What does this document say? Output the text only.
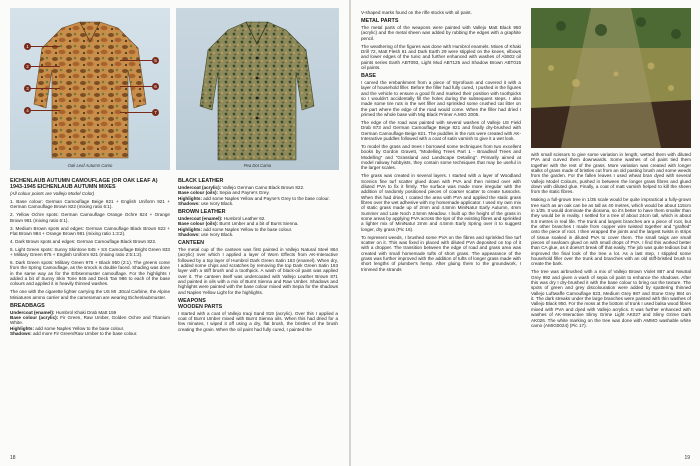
1
2
3
4
5
6
7
Oak Leaf Autumn Camo	Pea Dot Camo
EICHENLAUB AUTUMN CAMOUFLAGE (OR OAK LEAF A) 1943-1945 EICHENLAUB AUTUMN MIXES

(All colour points are Vallejo Model Color)

1. Base colour: German Camouflage Beige 821 + English Uniform 921 + German Camouflage Brown 822 (mixing ratio 6:1).

2. Yellow Ochre spots: German Camouflage Orange Ochre 824 + Orange Brown 981 (mixing ratio 6:1).

3. Medium Brown spots and edges: German Camouflage Black Brown 822 + Flat Brown 984 + Orange Brown 981 (mixing ratio 1:3:2).

4. Dark Brown spots and edges: German Camouflage Black Brown 822.

5. Light Green spots: Sunny Skintone 845 + SS Camouflage Bright Green 833 + Military Green 975 + English Uniform 921 (mixing ratio 2:5:1:2).

6. Dark Green spots: Military Green 975 + Black 950 (2:1). The greens come from the Spring Camouflage, as the smock is double faced. Shading was done in the same way as for the Erbsenmuster camouflage. For the highlights I added a bit of Sunny Skin Tone 845 and Deck Tan 986 to each of the base colours and applied it in heavily thinned washes.

The one with the cigarette lighter carrying the US MI .30cal Carbine, the Alpine Miniatures ammo carrier and the cameraman are wearing Eichenlaubmuster.

BREADBAGS

Undercoat (enamel): Humbrol Khaki Drab Matt 159

Base colour (acrylic): Fir Green, Raw Umber, Golden Ochre and Titanium White.

Highlights: add some Naples Yellow to the base colour.

Shadows: add more Fir Green/Raw Umber to the base colour.

BLACK LEATHER

Undercoat (acrylic): Vallejo German Camo Black Brown 822.

Base colour (oils): Sepia and Payne's Grey.

Highlights: add some Naples Yellow and Payne's Grey to the base colour.

Shadows: use Ivory Black.

BROWN LEATHER

Undercoat (enamel): Humbrol Leather 62.

Base colour (oils): Burnt Umber and a bit of Burnt Sienna.

Highlights: add some Naples Yellow to the base colour.

Shadows: use Ivory Black.

CANTEEN

The metal cup of the canteen was first painted in Vallejo Natural Steel 864 (acrylic) over which I applied a layer of Worn Effects from AK-Interactive followed by a top layer of Humbrol Dark Green Satin 163 (enamel). When dry, I added some chips and scratches by removing the top Dark Green Satin 163 layer with a stiff brush and a toothpick. A wash of black-oil paint was applied over it. The canteen itself was undercoated with Vallejo Leather Brown 871 and painted in oils with a mix of Burnt Sienna and Raw Umber. Shadows and highlights were painted with the base colour mixed with Sepia for the shadows and Naples Yellow Light for the highlights.

WEAPONS
WOODEN PARTS

I started with a coat of Vallejo Iraqi Sand 819 (acrylic). Over this I applied a coat of Burnt Umber mixed with Burnt Sienna oils. When this had dried for a few minutes, I wiped it off using a dry, flat brush, the bristles of the brush creating the grain. When the oil paint had fully cured, I painted the

18

V-shaped marks found on the rifle stocks with oil paint.

METAL PARTS

The metal parts of the weapons were painted with Vallejo Matt Black 950 (acrylic) and the metal sheen was added by rubbing the edges with a graphite pencil.

The weathering of the figures was done with Humbrol enamels. Mixes of Khaki Drill 72, Matt Flesh 61 and Dark Earth 29 were stippled on the knees, elbows and lower edges of the tunic and further enhanced with washes of Ab502 oil paints series Earth ABT093, Light Mud ABT125 and Shadow Brown ABT015 oil paints.

BASE

I carved the embankment from a piece of Styrofoam and covered it with a layer of household filler. Before the filler had fully cured, I pushed in the figures and the vehicle to ensure a good fit and marked their position with toothpicks so I wouldn't accidentally fill the holes during the subsequent steps. I also made some tire ruts in the wet filler and sprinkled some crushed cat litter on the part where the edge of the road would come. When the filler had dried I primed the whole base with Mig Black Primer A.MIG 2005.

The edge of the road was painted with several washes of Vallejo US Field Drab 873 and German Camouflage Beige 821 and finally dry-brushed with German Camouflage Beige 821. The puddles in the ruts were created with AK-Interactive puddles followed with a coat of satin varnish to give it a wet look.

To model the grass and trees I borrowed some techniques from two excellent books by Gordon Gravett, "Modelling Trees Part 1 - Broadleaf Trees and Modelling" and "Grassland and Landscape Detailing". Primarily aimed at model railway hobbyists, they contain some techniques that may be useful in the larger scales.

The grass was created in several layers. I started with a layer of Woodland Scenics fine turf scatter glued down with PVA and then misted over with diluted PVA to fix it firmly. The surface was made more irregular with the addition of randomly positioned pieces of coarser scatter to create tussocks. When this had dried, I coated the area with PVA and applied the static grass fibres over the wet adhesive with my homemade applicator. I used my own mix of static grass made up of 2mm and 4.5mm MiniNatur Early Autumn, 4mm Summer and Late Noch 2.5mm Meadow. I built up the height of the grass in some areas by applying PVA across the tips of the existing fibres and sprinkled a lighter mix of MiniNatur 2mm and 4.5mm Early Spring over it to suggest longer, dry grass (Pic 16).

To represent weeds, I brushed some PVA on the fibres and sprinkled fine turf scatter on it. This was fixed in placed with diluted PVA deposited on top of it with a dropper. The transition between the edge of road and grass area was created with small homemade tufts of short grass. The appearance of the grass was further improved with the addition of tufts of longer grass made with short lengths of plumber's hemp. After gluing them to the groundwork, I trimmed the strands

with small scissors to give some variation in length, wetted them with diluted PVA and curved them downwards. Some washes of oil paint tied them together with the rest of the grass. More variation was created with longer stalks of grass made of bristles cut from an old pasting brush and some weeds from the garden. For the fallen leaves I used wheat bran dyed with several Vallejo Model Colours, pushed in between the longer grass fibres and glued down with diluted glue. Finally, a coat of matt varnish helped to kill the sheen from the static fibres.

Making a full-grown tree in 1/35 scale would be quite impractical a fully-grown tree such as an oak can be as tall as 40 metres, which would be about 115cm in 1/35. It would dominate the diorama, so it's better to have them smaller than they would be in reality. I settled for a tree of about 24cm tall, which is about 8.5 metres in real life. The trunk and largest branches are a piece of root, but the other branches I made from copper wire twisted together and "grafted" onto the piece of root. I then wrapped the joints and the largest twists in strips of tissue soaked in diluted PVA to cover them. The small twigs are small pieces of seafoam glued on with small drops of PVA. I find this worked better than CA glue, as it doesn't break off that easily. The job was quite tedious but it improved the final look of the tree a lot. As a last step, I stippled some household filler over the trunk and branches with an old stiff-bristled brush to create the bark.

The tree was airbrushed with a mix of Vallejo Brown Violet 887 and Neutral Grey 992 and given a wash of sepia oil paint to enhance the shadows. After this was dry I dry-brushed it with the base colour to bring out the texture. The spots of green and grey discolouration were added by spattering thinned Vallejo Luftwaffe Camouflage 823, Medium Grey 987 and Stone Grey 884 on it. The dark streaks under the large branches were painted with thin washes of Vallejo Black 950. For the moss at the bottom of trunk I used balsa wood fibres mixed with PVA and dyed with Vallejo acrylics. It was further enhanced with washes of AK-Interactive Slimy Grime Light AK027 and Slimy Grime Dark AK026. The white marking on the tree was done with AMMO washable white camo (AMIG0024) (Pic 17).

19
